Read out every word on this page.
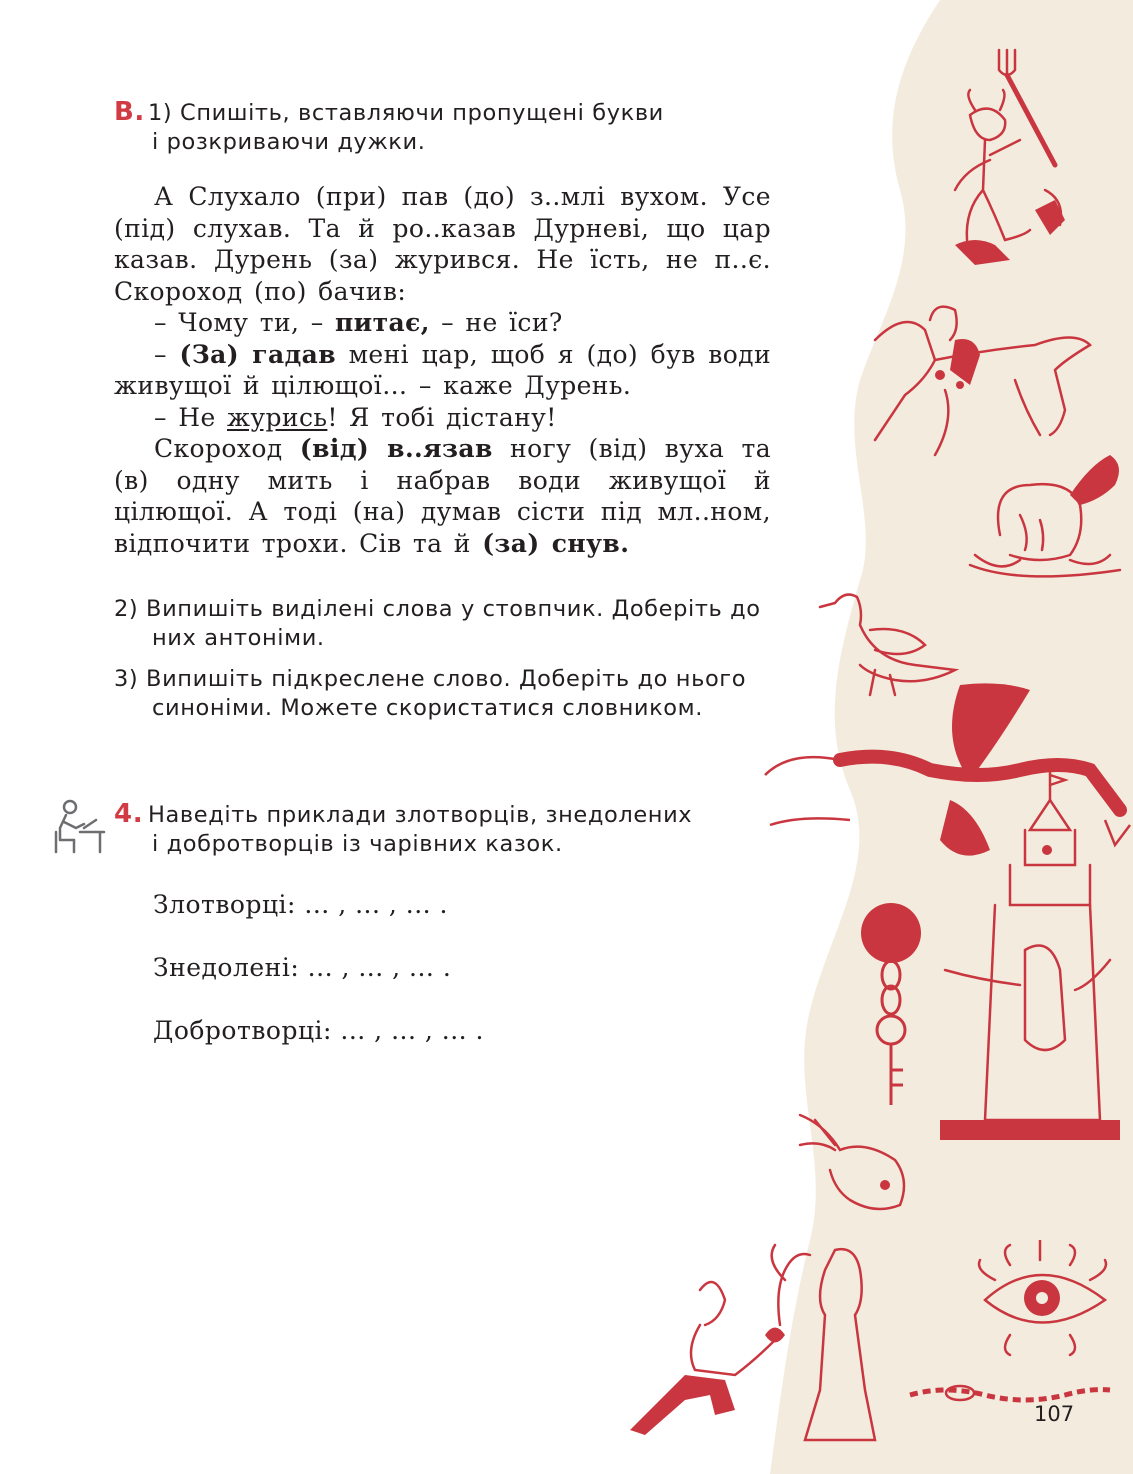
В. 1) Спишіть, вставляючи пропущені букви
і розкриваючи дужки.

А Слухало (при) пав (до) з..млі вухом. Усе (під) слухав. Та й ро..казав Дурневі, що цар казав. Дурень (за) журився. Не їсть, не п..є. Скороход (по) бачив:

– Чому ти, – питає, – не їси?

– (За) гадав мені цар, щоб я (до) був води живущої й цілющої… – каже Дурень.

– Не журись! Я тобі дістану!

Скороход (від) в..язав ногу (від) вуха та (в) одну мить і набрав води живущої й цілющої. А тоді (на) думав сісти під мл..ном, відпочити трохи. Сів та й (за) снув.

2) Випишіть виділені слова у стовпчик. Доберіть до них антоніми.
3) Випишіть підкреслене слово. Доберіть до нього синоніми. Можете скористатися словником.
4. Наведіть приклади злотворців, знедолених
і добротворців із чарівних казок.
Злотворці: ... , ... , ... .
Знедолені: ... , ... , ... .
Добротворці: ... , ... , ... .
107
